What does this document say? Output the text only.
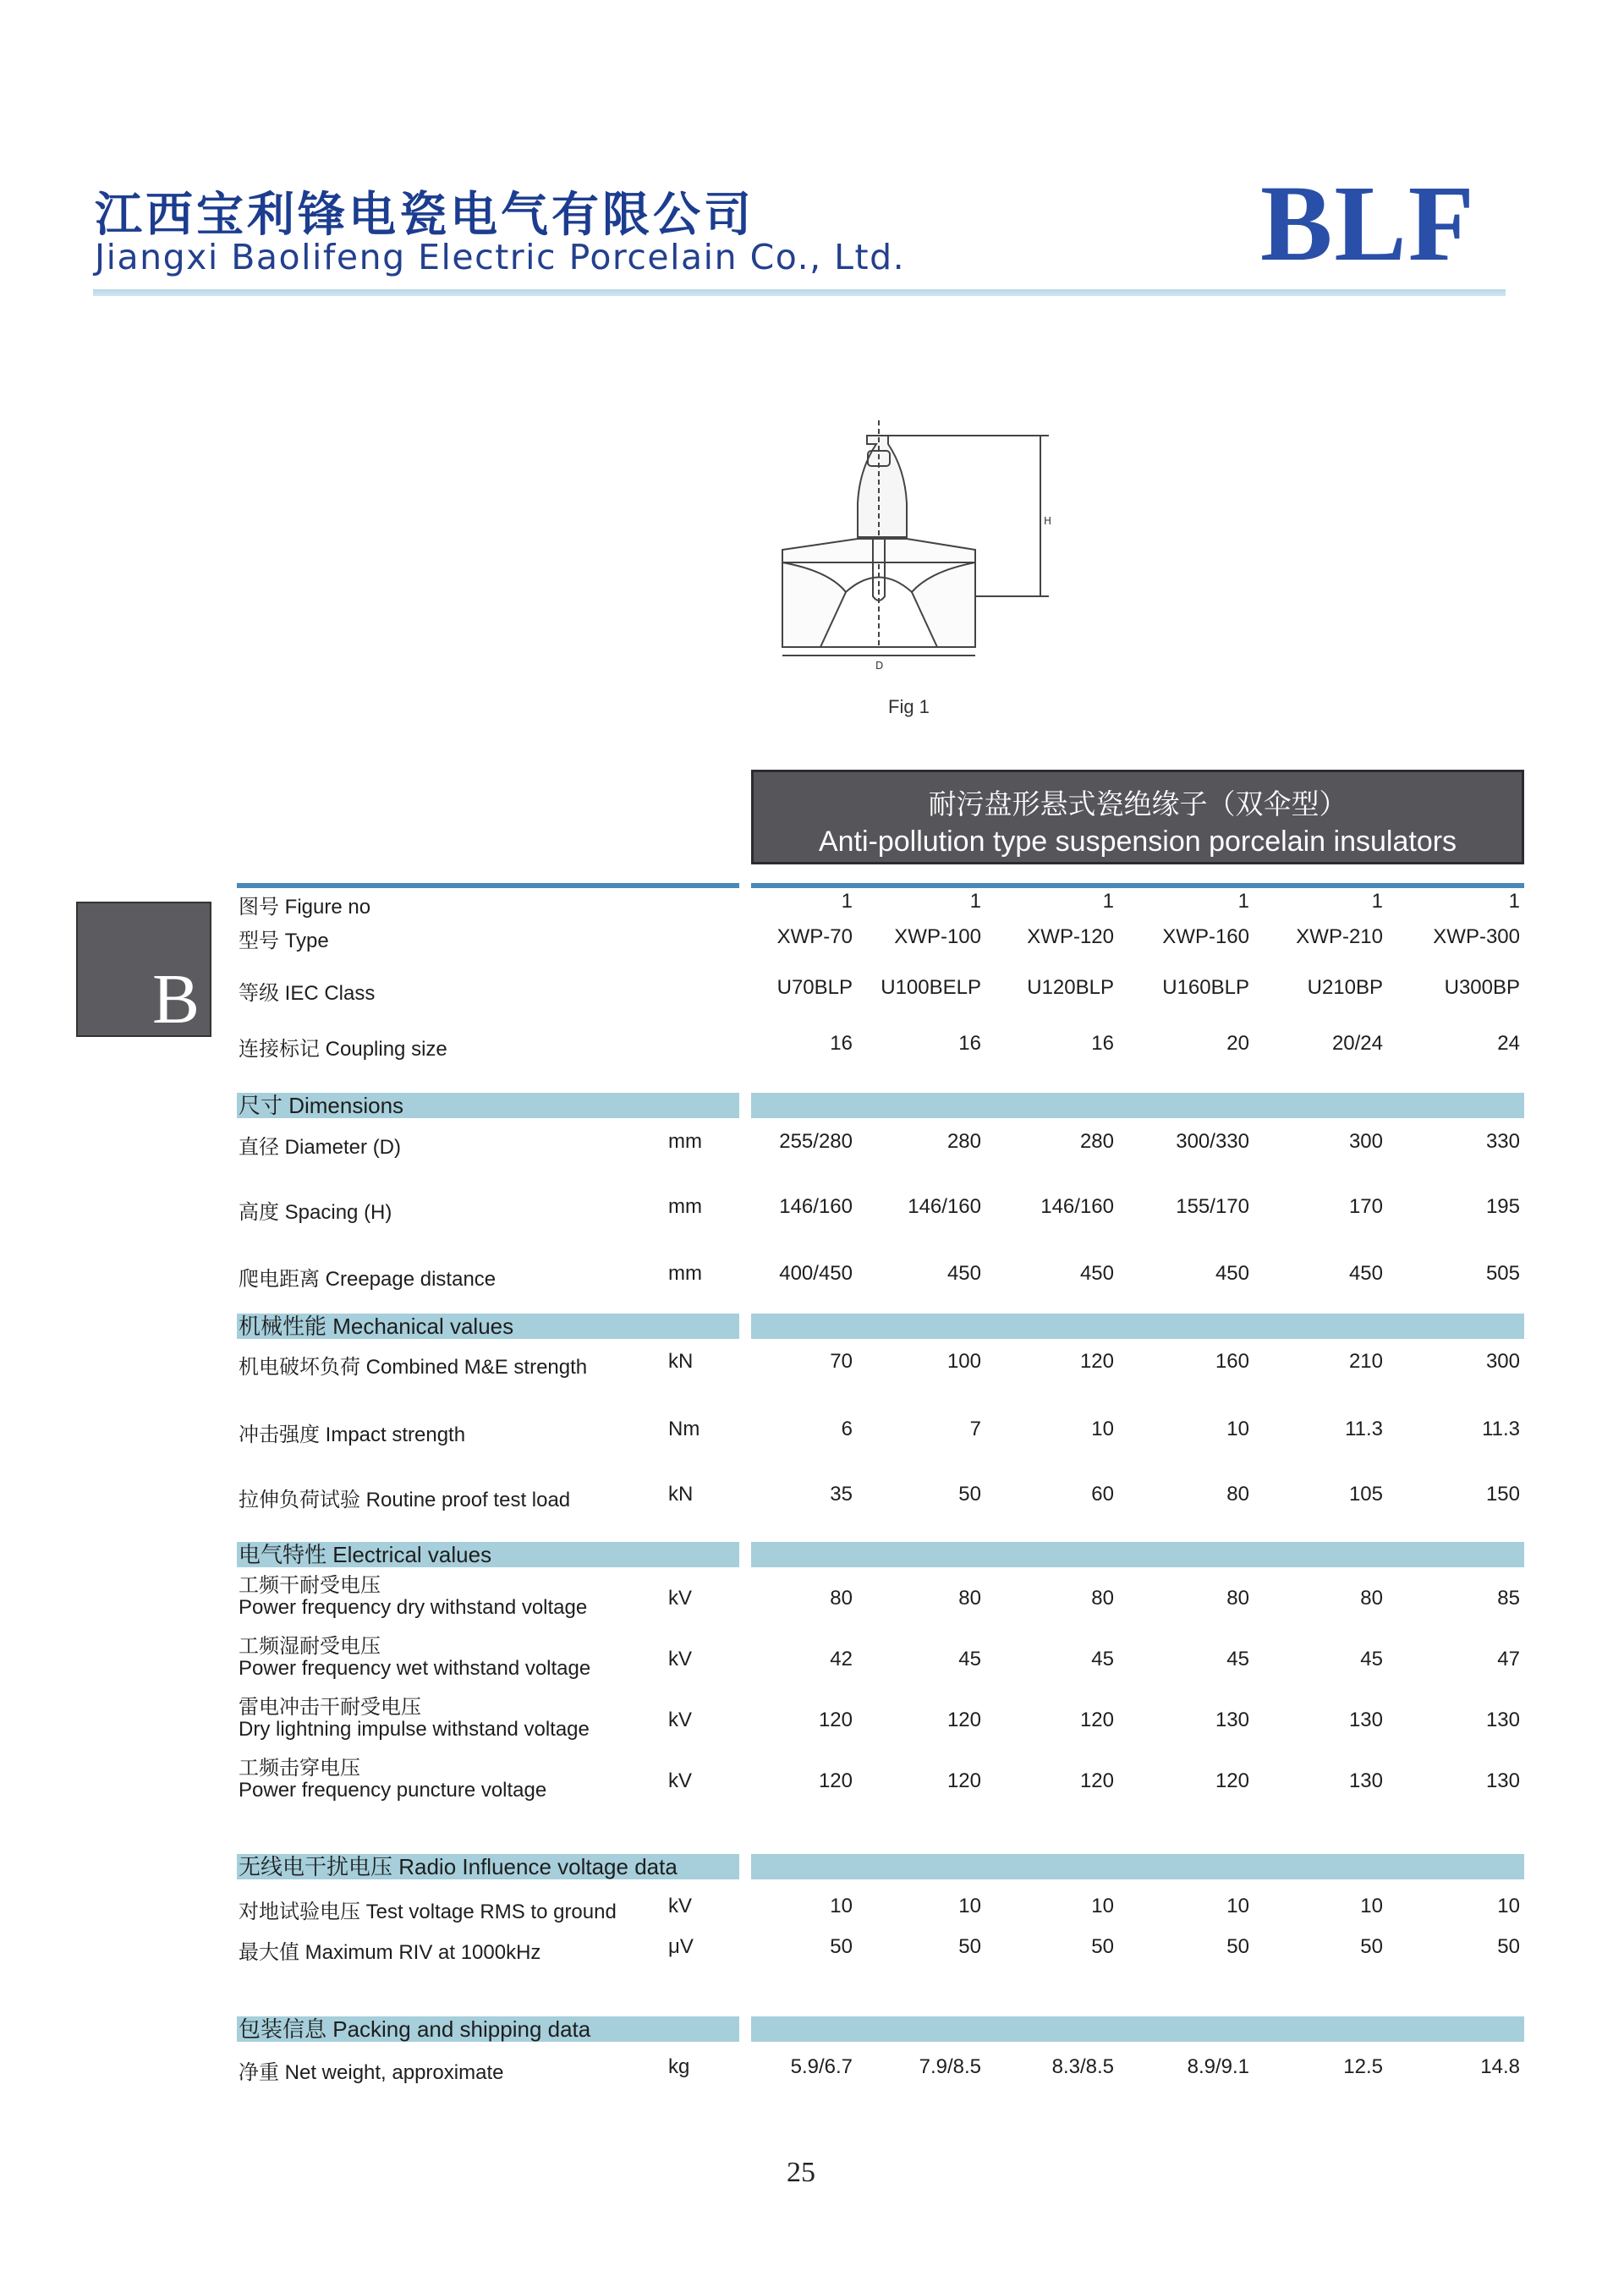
江西宝利锋电瓷电气有限公司
Jiangxi Baolifeng Electric Porcelain Co., Ltd.	BLF
H
D
Fig 1
耐污盘形悬式瓷绝缘子（双伞型）
Anti-pollution type suspension porcelain insulators
B
图号 Figure no	1	1	1	1	1	1
型号 Type	XWP-70	XWP-100	XWP-120	XWP-160	XWP-210	XWP-300
等级 IEC Class	U70BLP	U100BELP	U120BLP	U160BLP	U210BP	U300BP
连接标记 Coupling size	16	16	16	20	20/24	24
尺寸 Dimensions
直径 Diameter (D)	mm	255/280	280	280	300/330	300	330
高度 Spacing (H)	mm	146/160	146/160	146/160	155/170	170	195
爬电距离 Creepage distance	mm	400/450	450	450	450	450	505
机械性能 Mechanical values
机电破坏负荷 Combined M&E strength	kN	70	100	120	160	210	300
冲击强度 Impact strength	Nm	6	7	10	10	11.3	11.3
拉伸负荷试验 Routine proof test load	kN	35	50	60	80	105	150
电气特性 Electrical values
工频干耐受电压
Power frequency dry withstand voltage	kV	80	80	80	80	80	85
工频湿耐受电压
Power frequency wet withstand voltage	kV	42	45	45	45	45	47
雷电冲击干耐受电压
Dry lightning impulse withstand voltage	kV	120	120	120	130	130	130
工频击穿电压
Power frequency puncture voltage	kV	120	120	120	120	130	130
无线电干扰电压 Radio Influence voltage data
对地试验电压 Test voltage RMS to ground	kV	10	10	10	10	10	10
最大值 Maximum RIV at 1000kHz	μV	50	50	50	50	50	50
包装信息 Packing and shipping data
净重 Net weight, approximate	kg	5.9/6.7	7.9/8.5	8.3/8.5	8.9/9.1	12.5	14.8
25
